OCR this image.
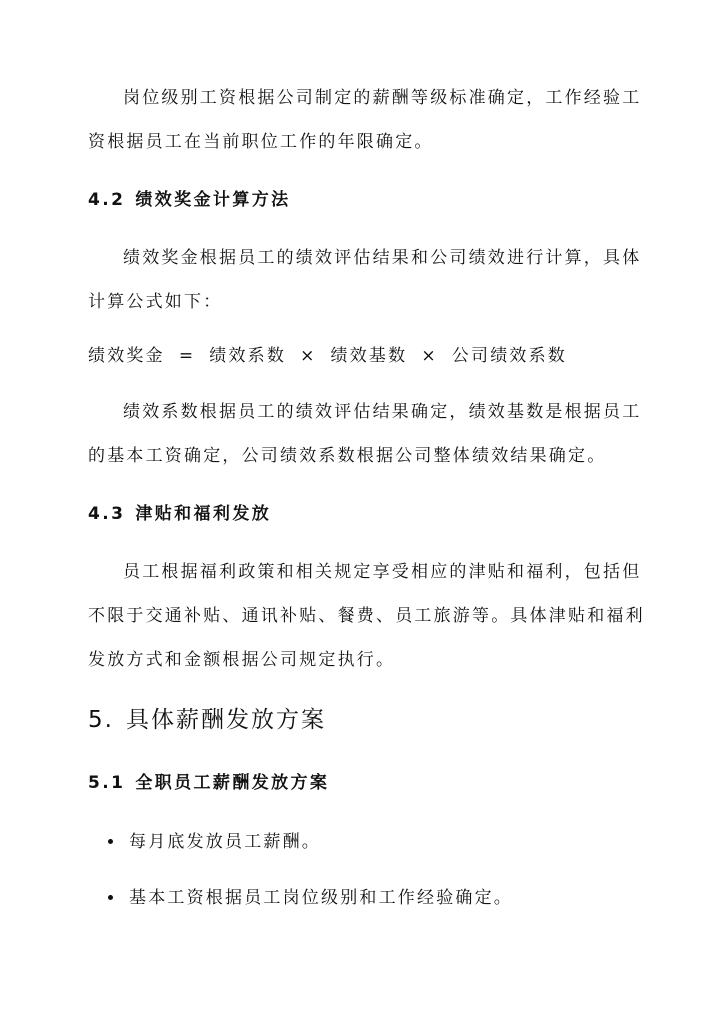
岗位级别工资根据公司制定的薪酬等级标准确定，工作经验工
资根据员工在当前职位工作的年限确定。
4.2 绩效奖金计算方法
绩效奖金根据员工的绩效评估结果和公司绩效进行计算，具体
计算公式如下：
绩效奖金 = 绩效系数 × 绩效基数 × 公司绩效系数
绩效系数根据员工的绩效评估结果确定，绩效基数是根据员工
的基本工资确定，公司绩效系数根据公司整体绩效结果确定。
4.3 津贴和福利发放
员工根据福利政策和相关规定享受相应的津贴和福利，包括但
不限于交通补贴、通讯补贴、餐费、员工旅游等。具体津贴和福利
发放方式和金额根据公司规定执行。
5. 具体薪酬发放方案
5.1 全职员工薪酬发放方案
每月底发放员工薪酬。
基本工资根据员工岗位级别和工作经验确定。
